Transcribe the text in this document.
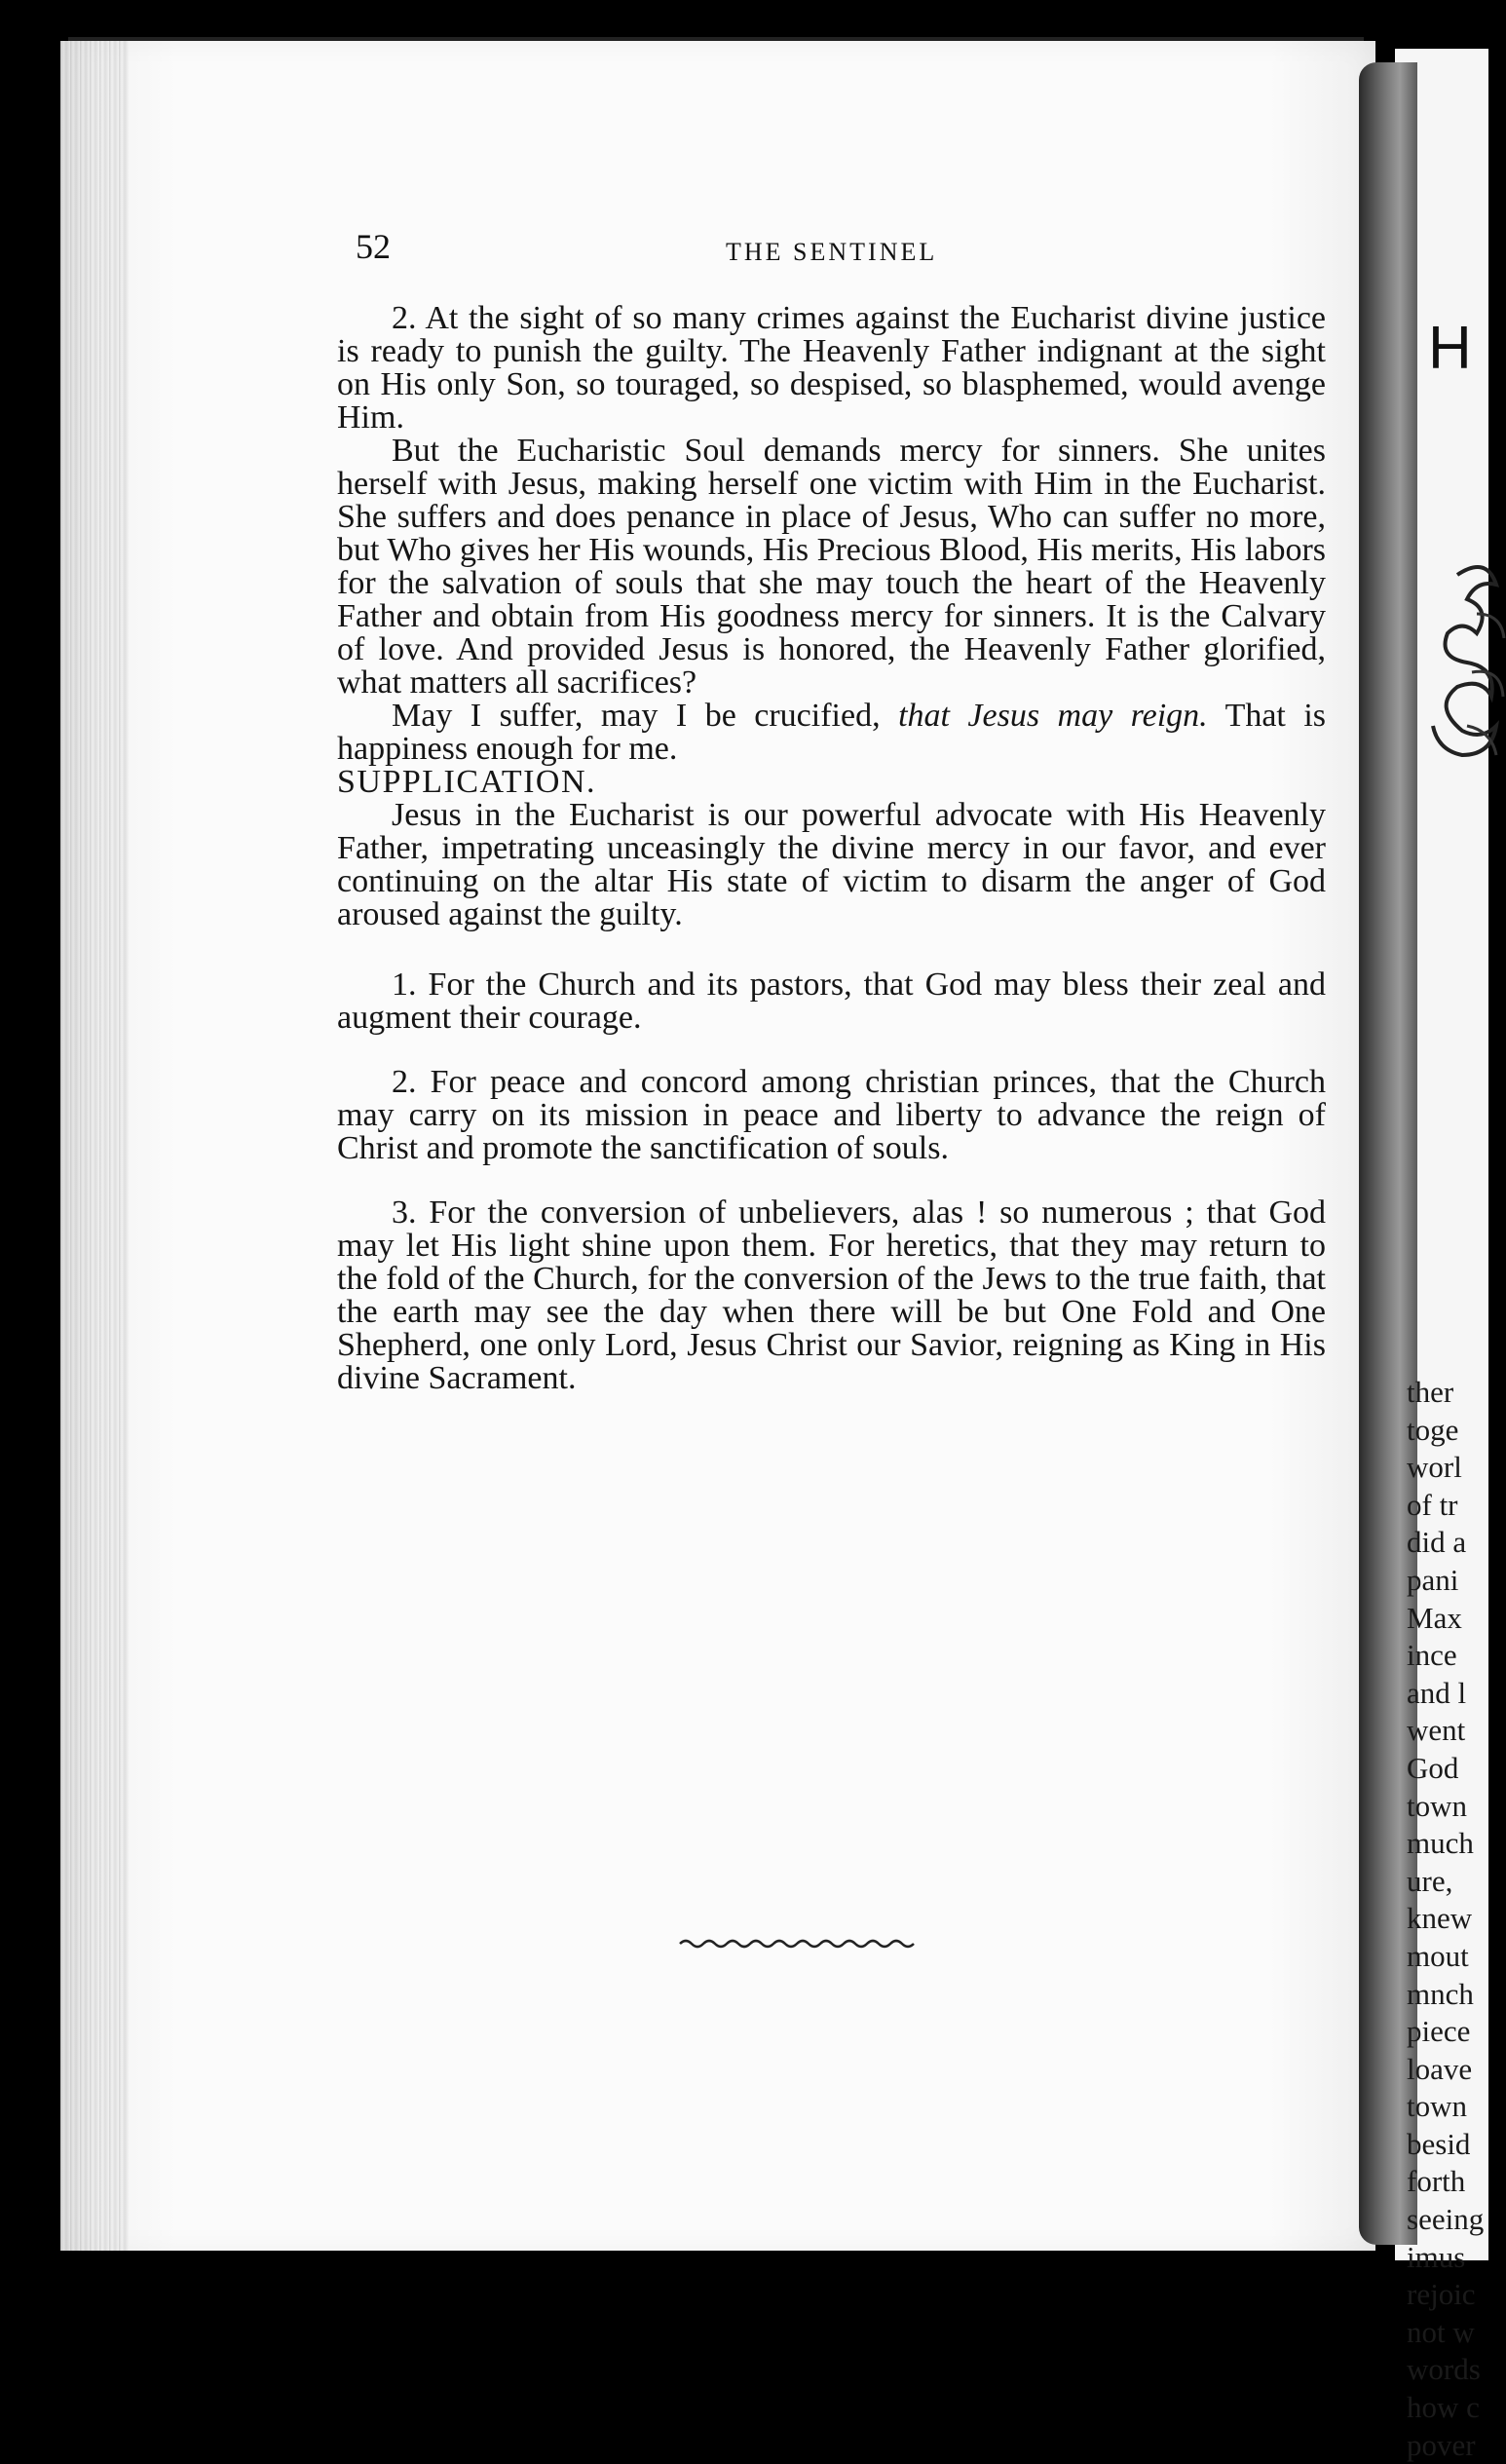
H
ther
toge
worl
of tr
did a
pani
Max
ince
and l
went
God
town
much
ure,
knew
mout
mnch
piece
loave
town
besid
forth
seeing
imus
rejoic
not w
words
how c
pover
52	THE SENTINEL

2. At the sight of so many crimes against the Eucharist divine justice is ready to punish the guilty. The Heavenly Father indignant at the sight on His only Son, so touraged, so despised, so blasphemed, would avenge Him.

But the Eucharistic Soul demands mercy for sinners. She unites herself with Jesus, making herself one victim with Him in the Eucharist. She suffers and does penance in place of Jesus, Who can suffer no more, but Who gives her His wounds, His Precious Blood, His merits, His labors for the salvation of souls that she may touch the heart of the Heavenly Father and obtain from His goodness mercy for sinners. It is the Calvary of love. And provided Jesus is honored, the Heavenly Father glorified, what matters all sacrifices?

May I suffer, may I be crucified, that Jesus may reign. That is happiness enough for me.

SUPPLICATION.

Jesus in the Eucharist is our powerful advocate with His Heavenly Father, impetrating unceasingly the divine mercy in our favor, and ever continuing on the altar His state of victim to disarm the anger of God aroused against the guilty.

1. For the Church and its pastors, that God may bless their zeal and augment their courage.

2. For peace and concord among christian princes, that the Church may carry on its mission in peace and liberty to advance the reign of Christ and promote the sanctification of souls.

3. For the conversion of unbelievers, alas ! so numerous ; that God may let His light shine upon them. For heretics, that they may return to the fold of the Church, for the conversion of the Jews to the true faith, that the earth may see the day when there will be but One Fold and One Shepherd, one only Lord, Jesus Christ our Savior, reigning as King in His divine Sacrament.
